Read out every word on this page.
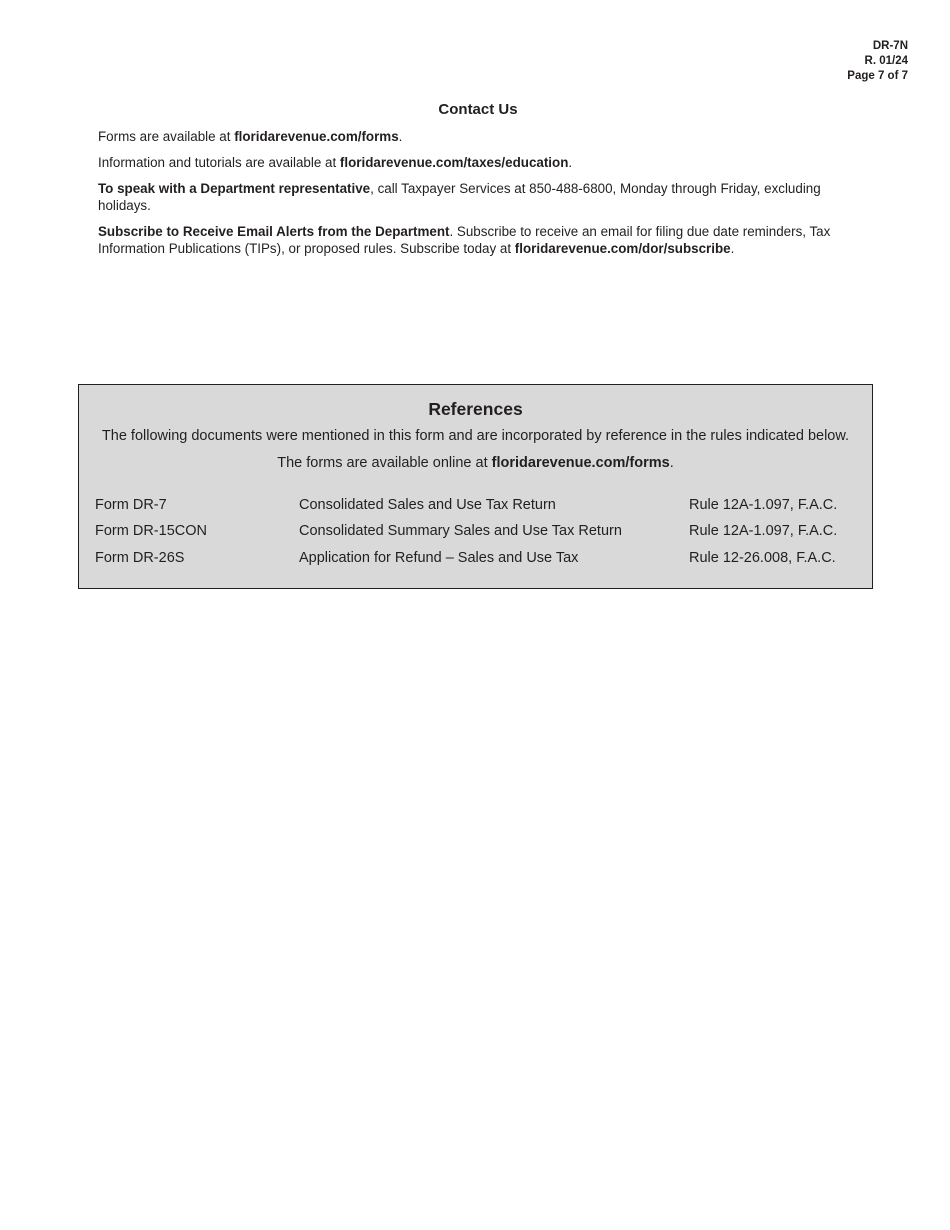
DR-7N
R. 01/24
Page 7 of 7
Contact Us

Forms are available at floridarevenue.com/forms.

Information and tutorials are available at floridarevenue.com/taxes/education.

To speak with a Department representative, call Taxpayer Services at 850-488-6800, Monday through Friday, excluding holidays.

Subscribe to Receive Email Alerts from the Department. Subscribe to receive an email for filing due date reminders, Tax Information Publications (TIPs), or proposed rules. Subscribe today at floridarevenue.com/dor/subscribe.

References
The following documents were mentioned in this form and are incorporated by reference in the rules indicated below.
The forms are available online at floridarevenue.com/forms.
Form DR-7	Consolidated Sales and Use Tax Return	Rule 12A-1.097, F.A.C.
Form DR-15CON	Consolidated Summary Sales and Use Tax Return	Rule 12A-1.097, F.A.C.
Form DR-26S	Application for Refund – Sales and Use Tax	Rule 12-26.008, F.A.C.
